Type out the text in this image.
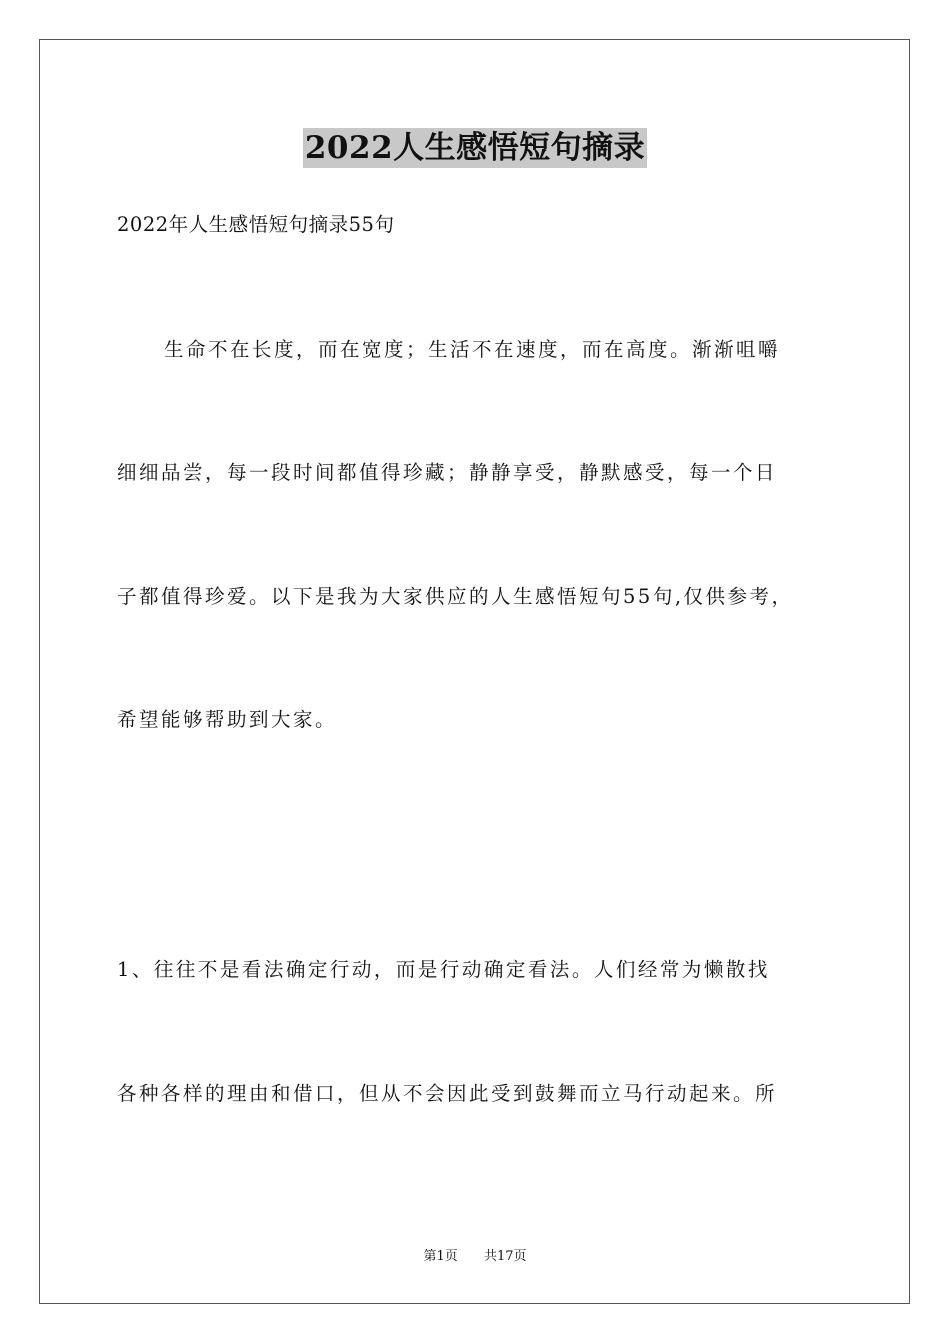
2022人生感悟短句摘录
2022年人生感悟短句摘录55句
生命不在长度，而在宽度；生活不在速度，而在高度。渐渐咀嚼
细细品尝，每一段时间都值得珍藏；静静享受，静默感受，每一个日
子都值得珍爱。以下是我为大家供应的人生感悟短句55句,仅供参考，
希望能够帮助到大家。
1、往往不是看法确定行动，而是行动确定看法。人们经常为懒散找
各种各样的理由和借口，但从不会因此受到鼓舞而立马行动起来。所
第1页 共17页
